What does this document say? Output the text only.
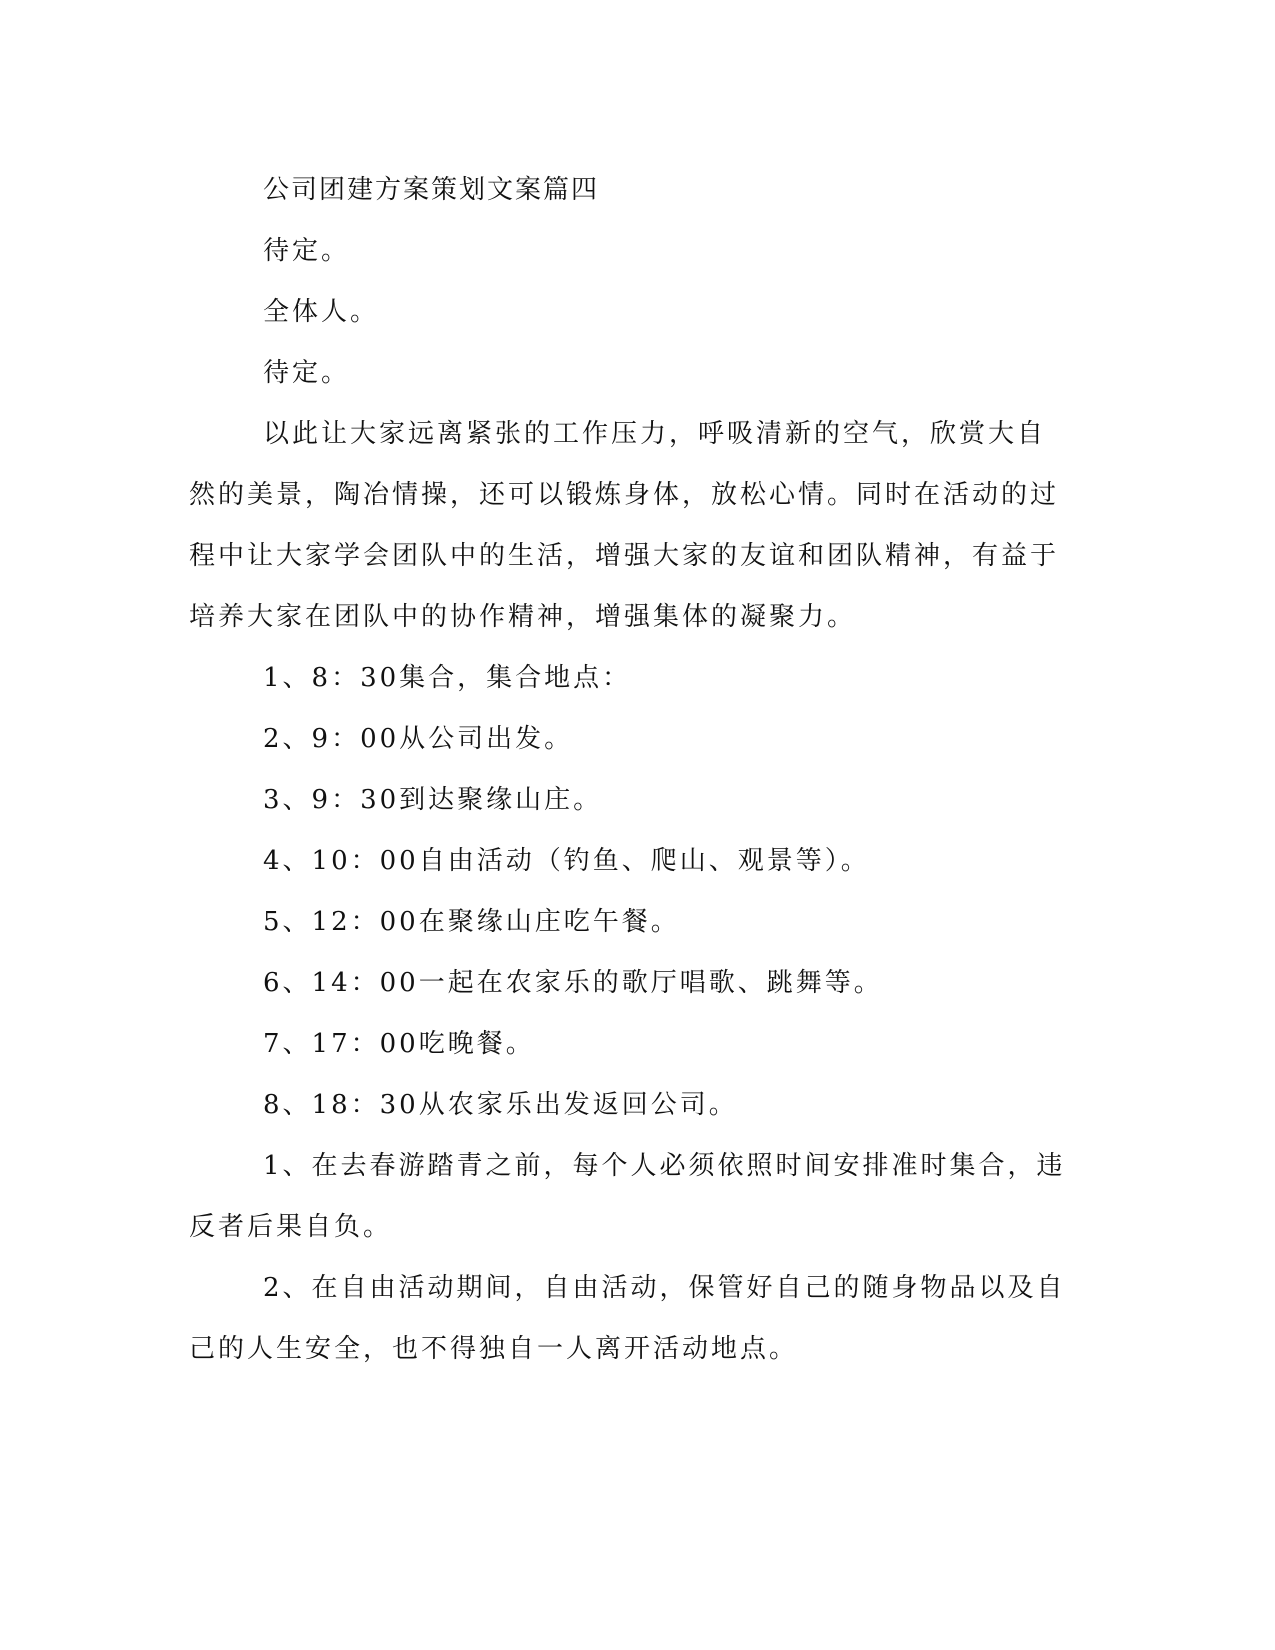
公司团建方案策划文案篇四

待定。

全体人。

待定。

以此让大家远离紧张的工作压力，呼吸清新的空气，欣赏大自然的美景，陶冶情操，还可以锻炼身体，放松心情。同时在活动的过程中让大家学会团队中的生活，增强大家的友谊和团队精神，有益于培养大家在团队中的协作精神，增强集体的凝聚力。

1、8：30集合，集合地点：

2、9：00从公司出发。

3、9：30到达聚缘山庄。

4、10：00自由活动（钓鱼、爬山、观景等）。

5、12：00在聚缘山庄吃午餐。

6、14：00一起在农家乐的歌厅唱歌、跳舞等。

7、17：00吃晚餐。

8、18：30从农家乐出发返回公司。

1、在去春游踏青之前，每个人必须依照时间安排准时集合，违反者后果自负。

2、在自由活动期间，自由活动，保管好自己的随身物品以及自己的人生安全，也不得独自一人离开活动地点。
